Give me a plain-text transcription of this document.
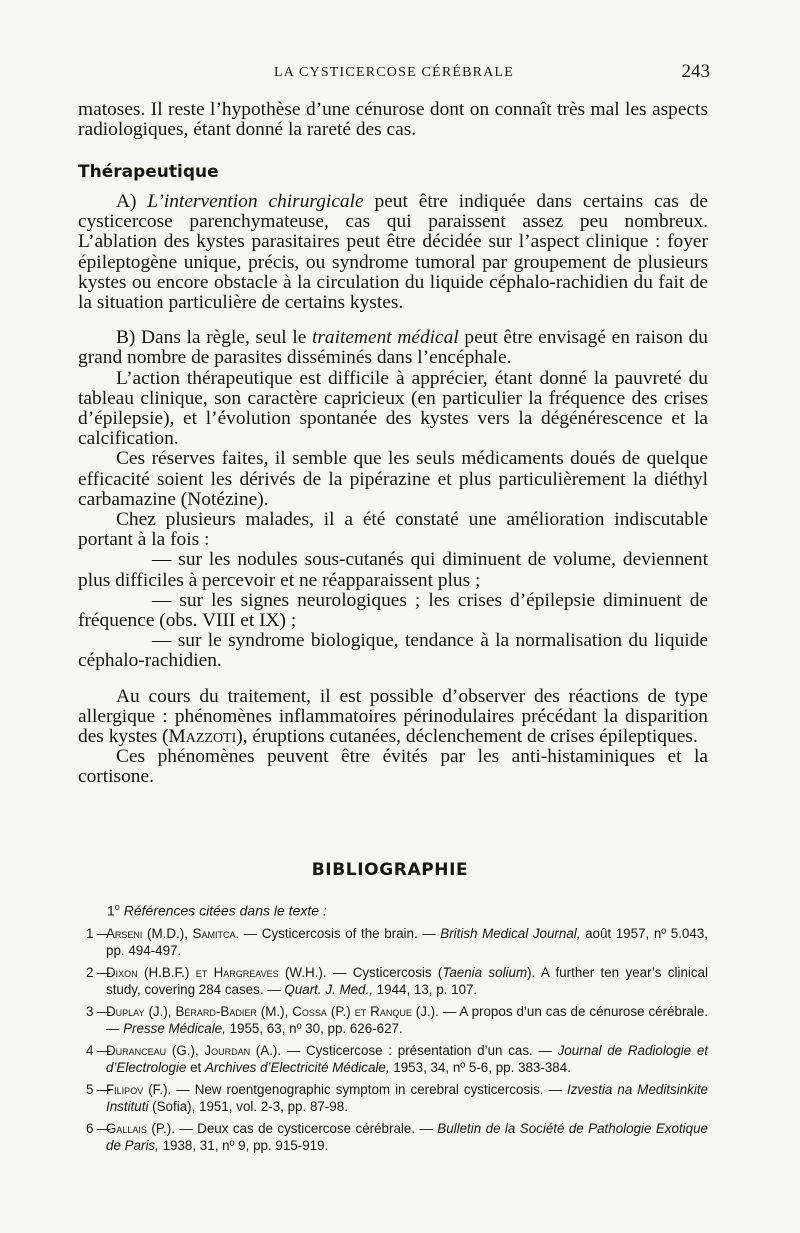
LA CYSTICERCOSE CÉRÉBRALE	243

matoses. Il reste l’hypothèse d’une cénurose dont on connaît très mal les aspects radiologiques, étant donné la rareté des cas.

Thérapeutique

A) L’intervention chirurgicale peut être indiquée dans certains cas de cysticercose parenchymateuse, cas qui paraissent assez peu nombreux. L’ablation des kystes parasitaires peut être décidée sur l’aspect clinique : foyer épileptogène unique, précis, ou syndrome tumoral par groupement de plusieurs kystes ou encore obstacle à la circulation du liquide céphalo-rachidien du fait de la situation particulière de certains kystes.

B) Dans la règle, seul le traitement médical peut être envisagé en raison du grand nombre de parasites disséminés dans l’encéphale.

L’action thérapeutique est difficile à apprécier, étant donné la pauvreté du tableau clinique, son caractère capricieux (en particulier la fréquence des crises d’épilepsie), et l’évolution spontanée des kystes vers la dégénérescence et la calcification.

Ces réserves faites, il semble que les seuls médicaments doués de quelque efficacité soient les dérivés de la pipérazine et plus particulièrement la diéthyl carbamazine (Notézine).

Chez plusieurs malades, il a été constaté une amélioration indiscutable portant à la fois :

— sur les nodules sous-cutanés qui diminuent de volume, deviennent plus difficiles à percevoir et ne réapparaissent plus ;

— sur les signes neurologiques ; les crises d’épilepsie diminuent de fréquence (obs. VIII et IX) ;

— sur le syndrome biologique, tendance à la normalisation du liquide céphalo-rachidien.

Au cours du traitement, il est possible d’observer des réactions de type allergique : phénomènes inflammatoires périnodulaires précédant la disparition des kystes (Mazzoti), éruptions cutanées, déclenchement de crises épileptiques.

Ces phénomènes peuvent être évités par les anti-histaminiques et la cortisone.

BIBLIOGRAPHIE
1$^o$ Références citées dans le texte :
1 —
Arseni (M.D.), Samitca. — Cysticercosis of the brain. — British Medical Journal, août 1957, nº 5.043, pp. 494-497.
2 —
Dixon (H.B.F.) et Hargreaves (W.H.). — Cysticercosis (Taenia solium). A further ten year’s clinical study, covering 284 cases. — Quart. J. Med., 1944, 13, p. 107.
3 —
Duplay (J.), Bérard-Badier (M.), Cossa (P.) et Ranque (J.). — A propos d’un cas de cénurose cérébrale. — Presse Médicale, 1955, 63, nº 30, pp. 626-627.
4 —
Duranceau (G.), Jourdan (A.). — Cysticercose : présentation d’un cas. — Journal de Radiologie et d’Electrologie et Archives d’Electricité Médicale, 1953, 34, nº 5-6, pp. 383-384.
5 —
Filipov (F.). — New roentgenographic symptom in cerebral cysticercosis. — Izvestia na Meditsinkite Instituti (Sofia), 1951, vol. 2-3, pp. 87-98.
6 —
Gallais (P.). — Deux cas de cysticercose cérébrale. — Bulletin de la Société de Pathologie Exotique de Paris, 1938, 31, nº 9, pp. 915-919.
